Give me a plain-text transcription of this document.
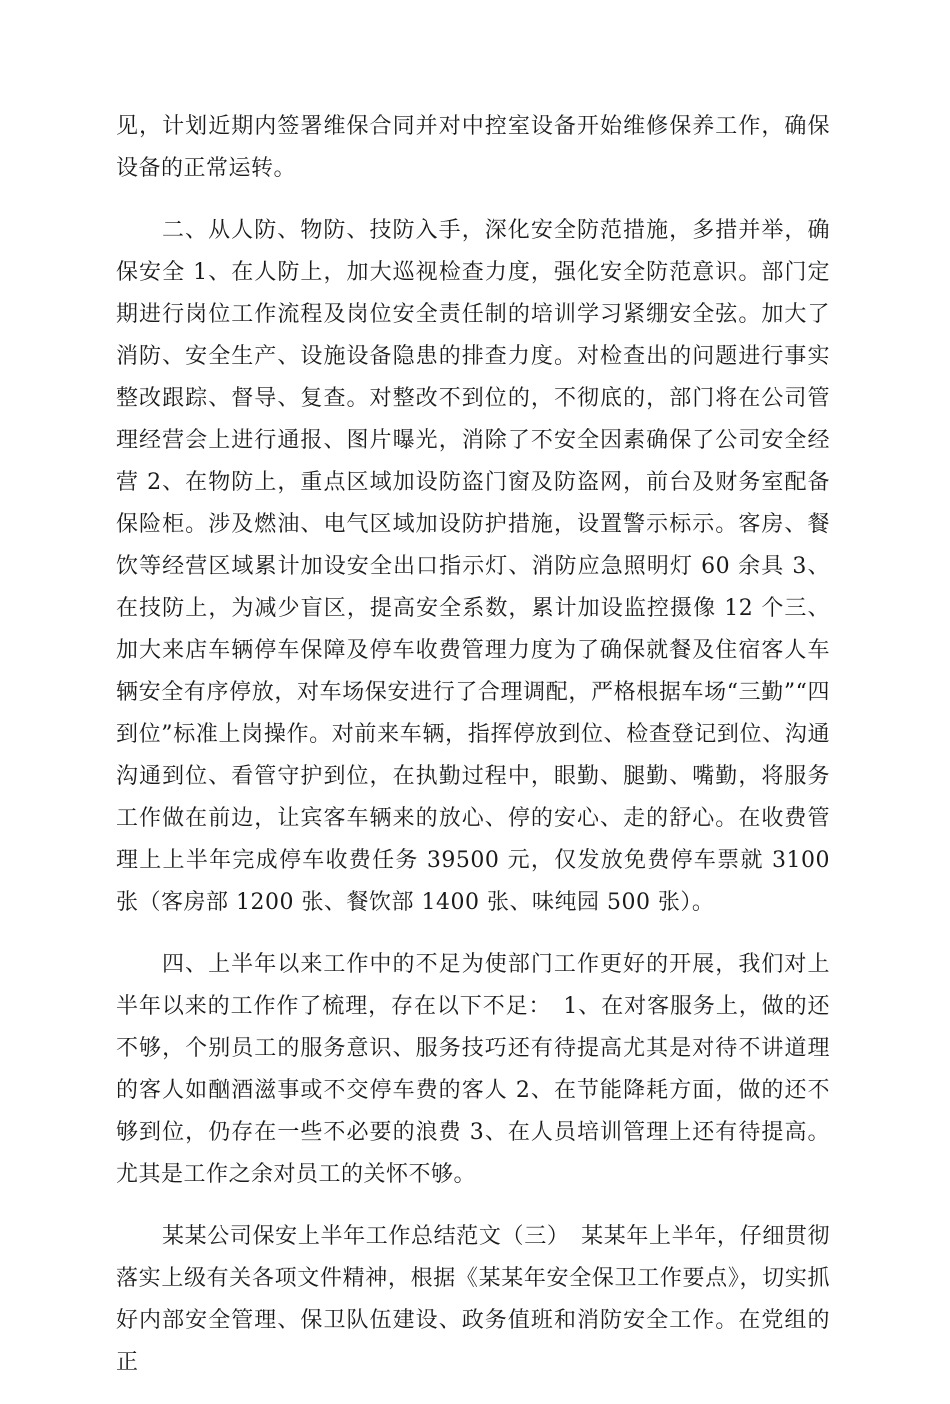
见，计划近期内签署维保合同并对中控室设备开始维修保养工作，确保设备的正常运转。

二、从人防、物防、技防入手，深化安全防范措施，多措并举，确保安全 1、在人防上，加大巡视检查力度，强化安全防范意识。部门定期进行岗位工作流程及岗位安全责任制的培训学习紧绷安全弦。加大了消防、安全生产、设施设备隐患的排查力度。对检查出的问题进行事实整改跟踪、督导、复查。对整改不到位的，不彻底的，部门将在公司管理经营会上进行通报、图片曝光，消除了不安全因素确保了公司安全经营 2、在物防上，重点区域加设防盗门窗及防盗网，前台及财务室配备保险柜。涉及燃油、电气区域加设防护措施，设置警示标示。客房、餐饮等经营区域累计加设安全出口指示灯、消防应急照明灯 60 余具 3、在技防上，为减少盲区，提高安全系数，累计加设监控摄像 12 个三、加大来店车辆停车保障及停车收费管理力度为了确保就餐及住宿客人车辆安全有序停放，对车场保安进行了合理调配，严格根据车场“三勤”“四到位”标准上岗操作。对前来车辆，指挥停放到位、检查登记到位、沟通沟通到位、看管守护到位，在执勤过程中，眼勤、腿勤、嘴勤，将服务工作做在前边，让宾客车辆来的放心、停的安心、走的舒心。在收费管理上上半年完成停车收费任务 39500 元，仅发放免费停车票就 3100 张（客房部 1200 张、餐饮部 1400 张、味纯园 500 张）。

四、上半年以来工作中的不足为使部门工作更好的开展，我们对上半年以来的工作作了梳理，存在以下不足：　1、在对客服务上，做的还不够，个别员工的服务意识、服务技巧还有待提高尤其是对待不讲道理的客人如酗酒滋事或不交停车费的客人 2、在节能降耗方面，做的还不够到位，仍存在一些不必要的浪费 3、在人员培训管理上还有待提高。尤其是工作之余对员工的关怀不够。

某某公司保安上半年工作总结范文（三）　某某年上半年，仔细贯彻落实上级有关各项文件精神，根据《某某年安全保卫工作要点》，切实抓好内部安全管理、保卫队伍建设、政务值班和消防安全工作。在党组的正
